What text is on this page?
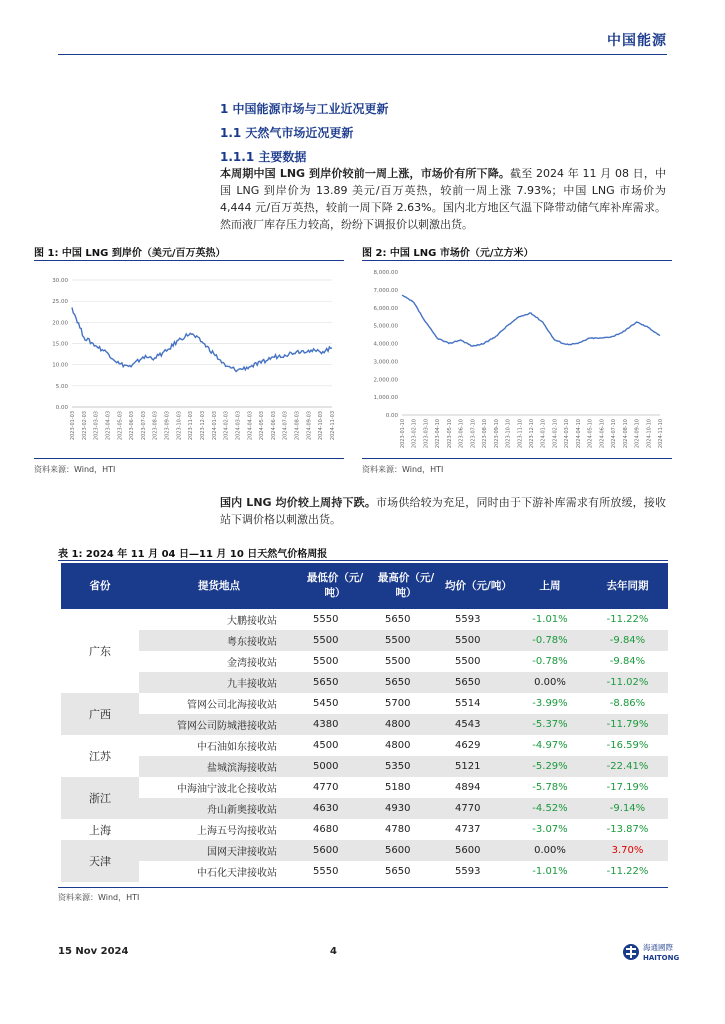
中国能源
1 中国能源市场与工业近况更新
1.1 天然气市场近况更新
1.1.1 主要数据
本周期中国 LNG 到岸价较前一周上涨，市场价有所下降。截至 2024 年 11 月 08 日，中国 LNG 到岸价为 13.89 美元/百万英热，较前一周上涨 7.93%；中国 LNG 市场价为 4,444 元/百万英热，较前一周下降 2.63%。国内北方地区气温下降带动储气库补库需求。然而液厂库存压力较高，纷纷下调报价以刺激出货。
图 1: 中国 LNG 到岸价（美元/百万英热）
30.00
25.00
20.00
15.00
10.00
5.00
0.00
2023-01-03 2023-02-03 2023-03-03 2023-04-03 2023-05-03 2023-06-03 2023-07-03 2023-08-03 2023-09-03 2023-10-03 2023-11-03 2023-12-03 2024-01-03 2024-02-03 2024-03-03 2024-04-03 2024-05-03 2024-06-03 2024-07-03 2024-08-03 2024-09-03 2024-10-03 2024-11-03
资料来源：Wind，HTI
图 2: 中国 LNG 市场价（元/立方米）
8,000.00
7,000.00
6,000.00
5,000.00
4,000.00
3,000.00
2,000.00
1,000.00
0.00
2023-01-10 2023-02-10 2023-03-10 2023-04-10 2023-05-10 2023-06-10 2023-07-10 2023-08-10 2023-09-10 2023-10-10 2023-11-10 2023-12-10 2024-01-10 2024-02-10 2024-03-10 2024-04-10 2024-05-10 2024-06-10 2024-07-10 2024-08-10 2024-09-10 2024-10-10 2024-11-10
资料来源：Wind，HTI
国内 LNG 均价较上周持下跌。市场供给较为充足，同时由于下游补库需求有所放缓，接收站下调价格以刺激出货。
表 1: 2024 年 11 月 04 日—11 月 10 日天然气价格周报
省份	提货地点	最低价（元/吨）	最高价（元/吨）	均价（元/吨）	上周	去年同期
广东	大鹏接收站	5550	5650	5593	-1.01%	-11.22%
	粤东接收站	5500	5500	5500	-0.78%	-9.84%
	金湾接收站	5500	5500	5500	-0.78%	-9.84%
	九丰接收站	5650	5650	5650	0.00%	-11.02%
广西	管网公司北海接收站	5450	5700	5514	-3.99%	-8.86%
	管网公司防城港接收站	4380	4800	4543	-5.37%	-11.79%
江苏	中石油如东接收站	4500	4800	4629	-4.97%	-16.59%
	盐城滨海接收站	5000	5350	5121	-5.29%	-22.41%
浙江	中海油宁波北仑接收站	4770	5180	4894	-5.78%	-17.19%
	舟山新奥接收站	4630	4930	4770	-4.52%	-9.14%
上海	上海五号沟接收站	4680	4780	4737	-3.07%	-13.87%
天津	国网天津接收站	5600	5600	5600	0.00%	3.70%
	中石化天津接收站	5550	5650	5593	-1.01%	-11.22%
资料来源：Wind，HTI
15 Nov 2024	4	海通國際
HAITONG
